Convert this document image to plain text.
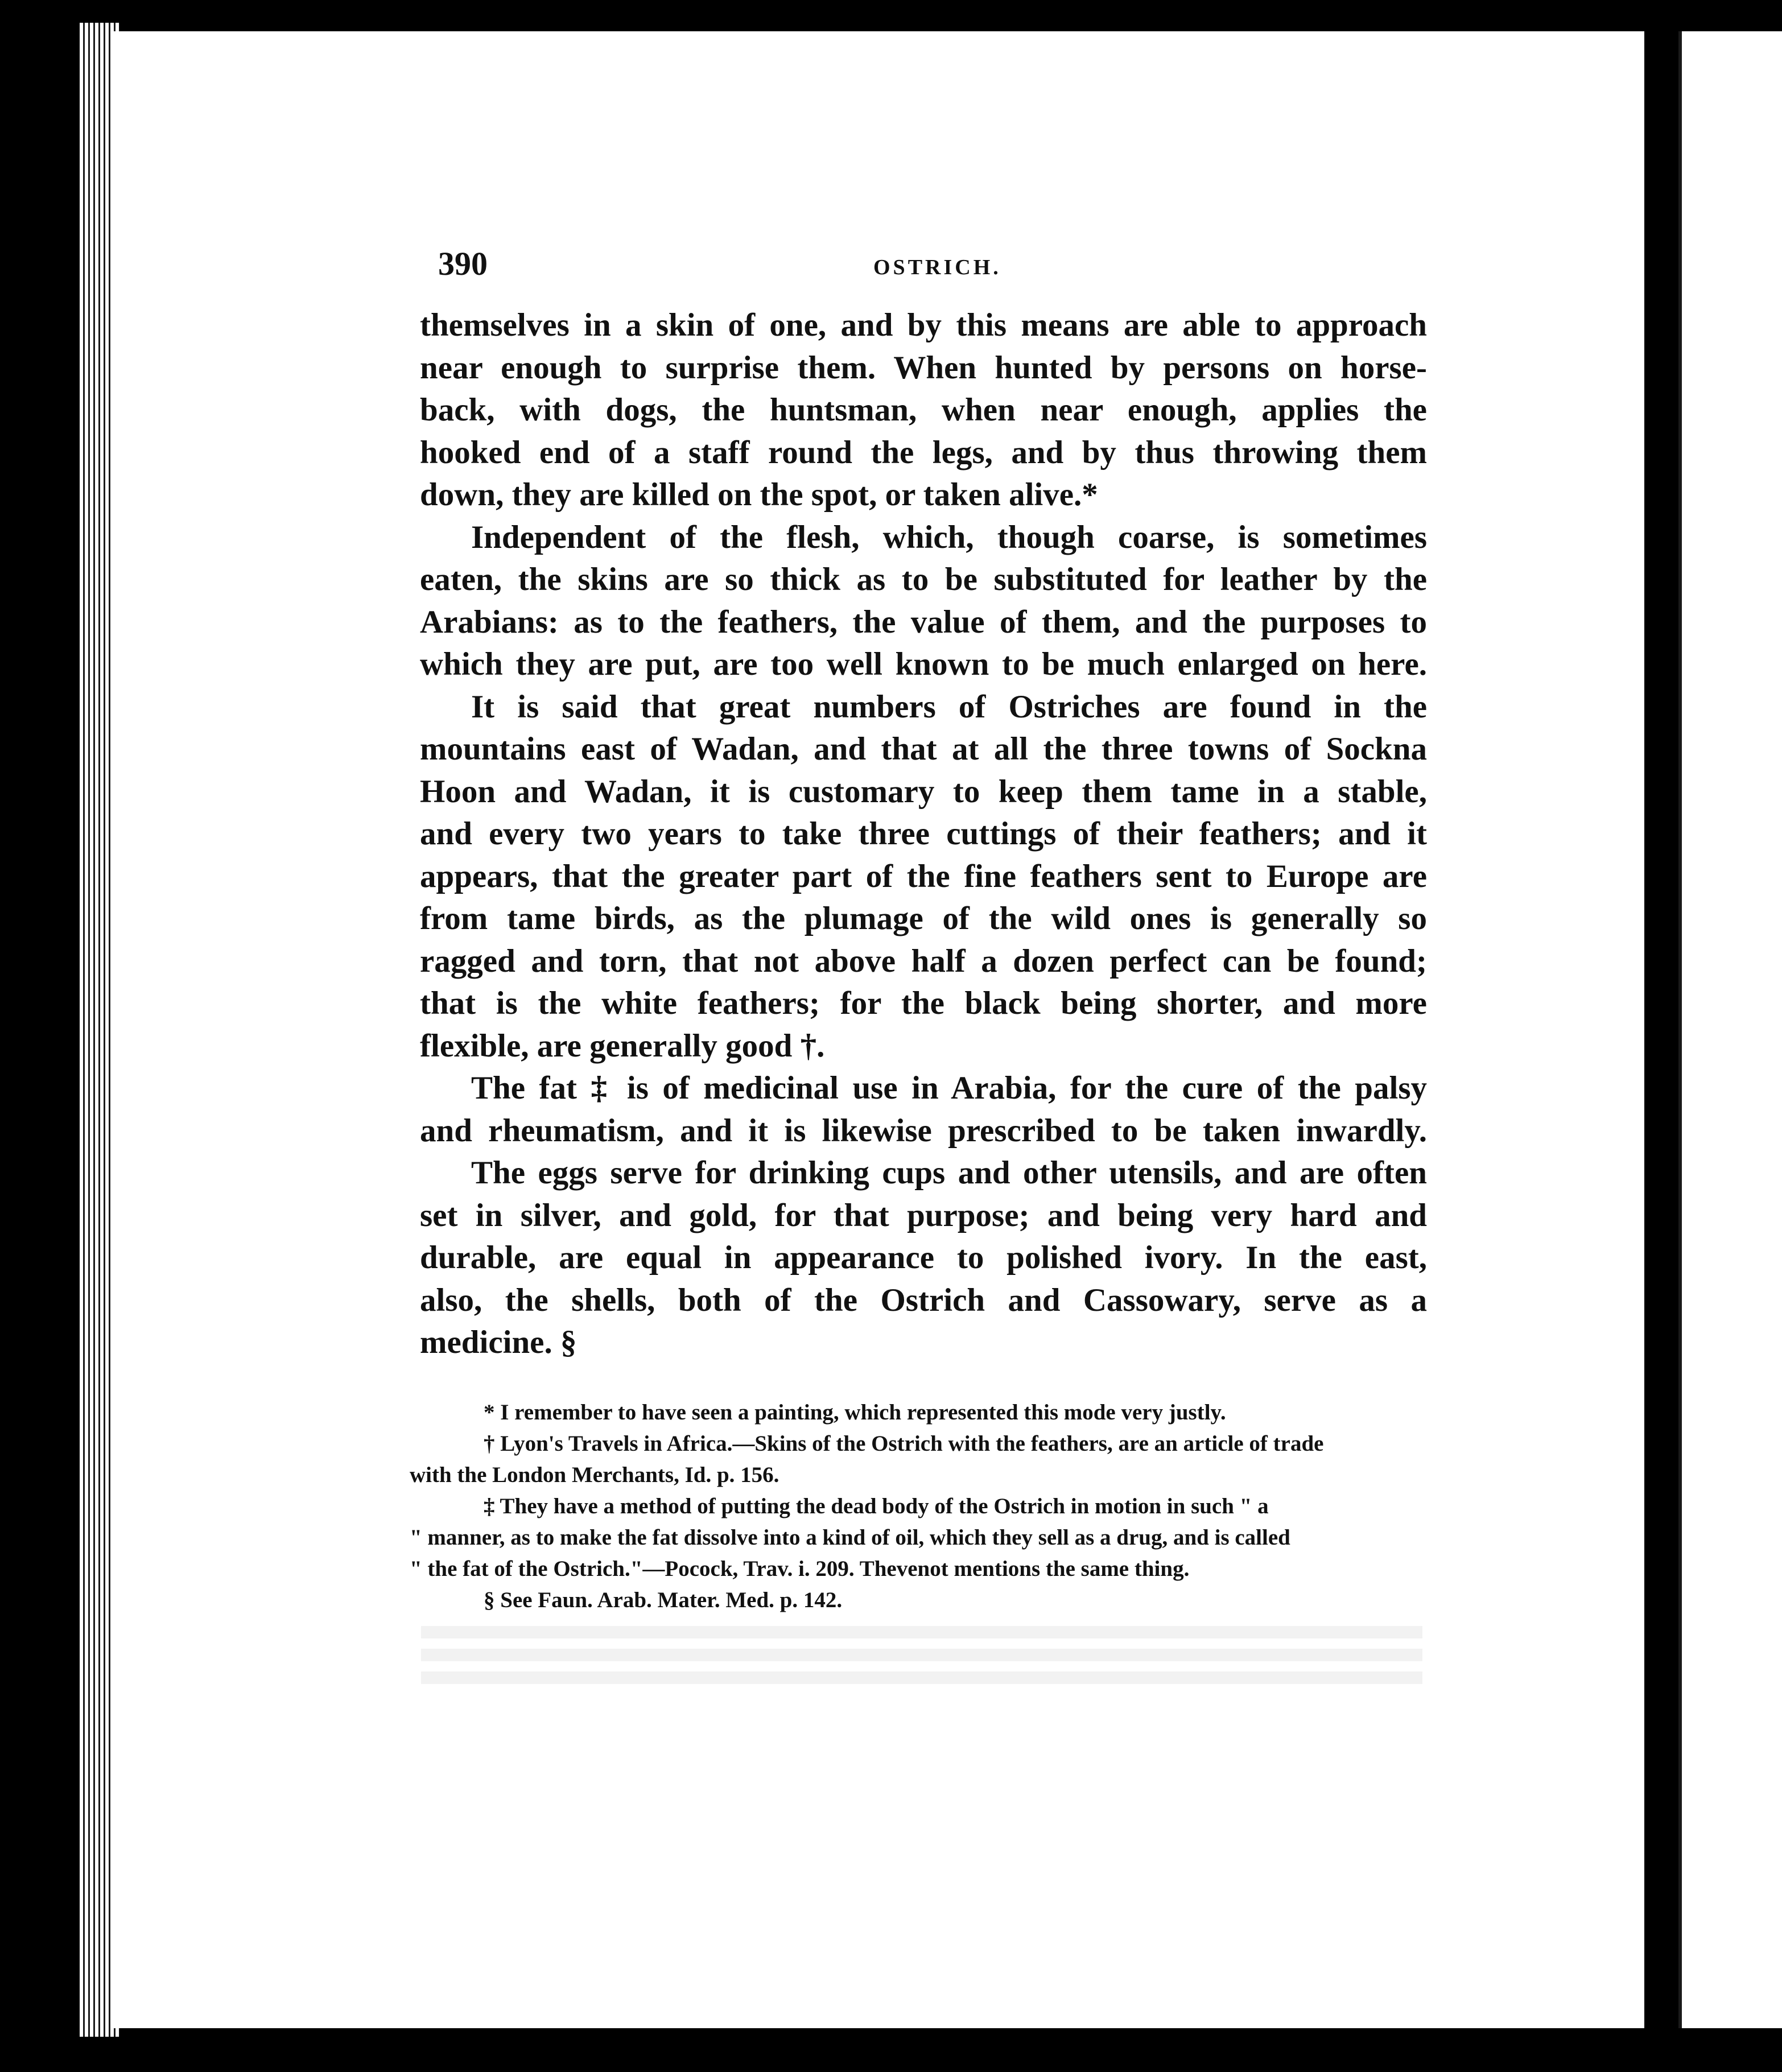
390	OSTRICH.
themselves in a skin of one, and by this means are able to approach
near enough to surprise them. When hunted by persons on horse-
back, with dogs, the huntsman, when near enough, applies the
hooked end of a staff round the legs, and by thus throwing them
down, they are killed on the spot, or taken alive.*
Independent of the flesh, which, though coarse, is sometimes
eaten, the skins are so thick as to be substituted for leather by the
Arabians: as to the feathers, the value of them, and the purposes to
which they are put, are too well known to be much enlarged on here.
It is said that great numbers of Ostriches are found in the
mountains east of Wadan, and that at all the three towns of Sockna
Hoon and Wadan, it is customary to keep them tame in a stable,
and every two years to take three cuttings of their feathers; and it
appears, that the greater part of the fine feathers sent to Europe are
from tame birds, as the plumage of the wild ones is generally so
ragged and torn, that not above half a dozen perfect can be found;
that is the white feathers; for the black being shorter, and more
flexible, are generally good †.
The fat ‡ is of medicinal use in Arabia, for the cure of the palsy
and rheumatism, and it is likewise prescribed to be taken inwardly.
The eggs serve for drinking cups and other utensils, and are often
set in silver, and gold, for that purpose; and being very hard and
durable, are equal in appearance to polished ivory. In the east,
also, the shells, both of the Ostrich and Cassowary, serve as a
medicine. §
* I remember to have seen a painting, which represented this mode very justly.
† Lyon's Travels in Africa.—Skins of the Ostrich with the feathers, are an article of trade
with the London Merchants, Id. p. 156.
‡ They have a method of putting the dead body of the Ostrich in motion in such " a
" manner, as to make the fat dissolve into a kind of oil, which they sell as a drug, and is called
" the fat of the Ostrich."—Pocock, Trav. i. 209. Thevenot mentions the same thing.
§ See Faun. Arab. Mater. Med. p. 142.
